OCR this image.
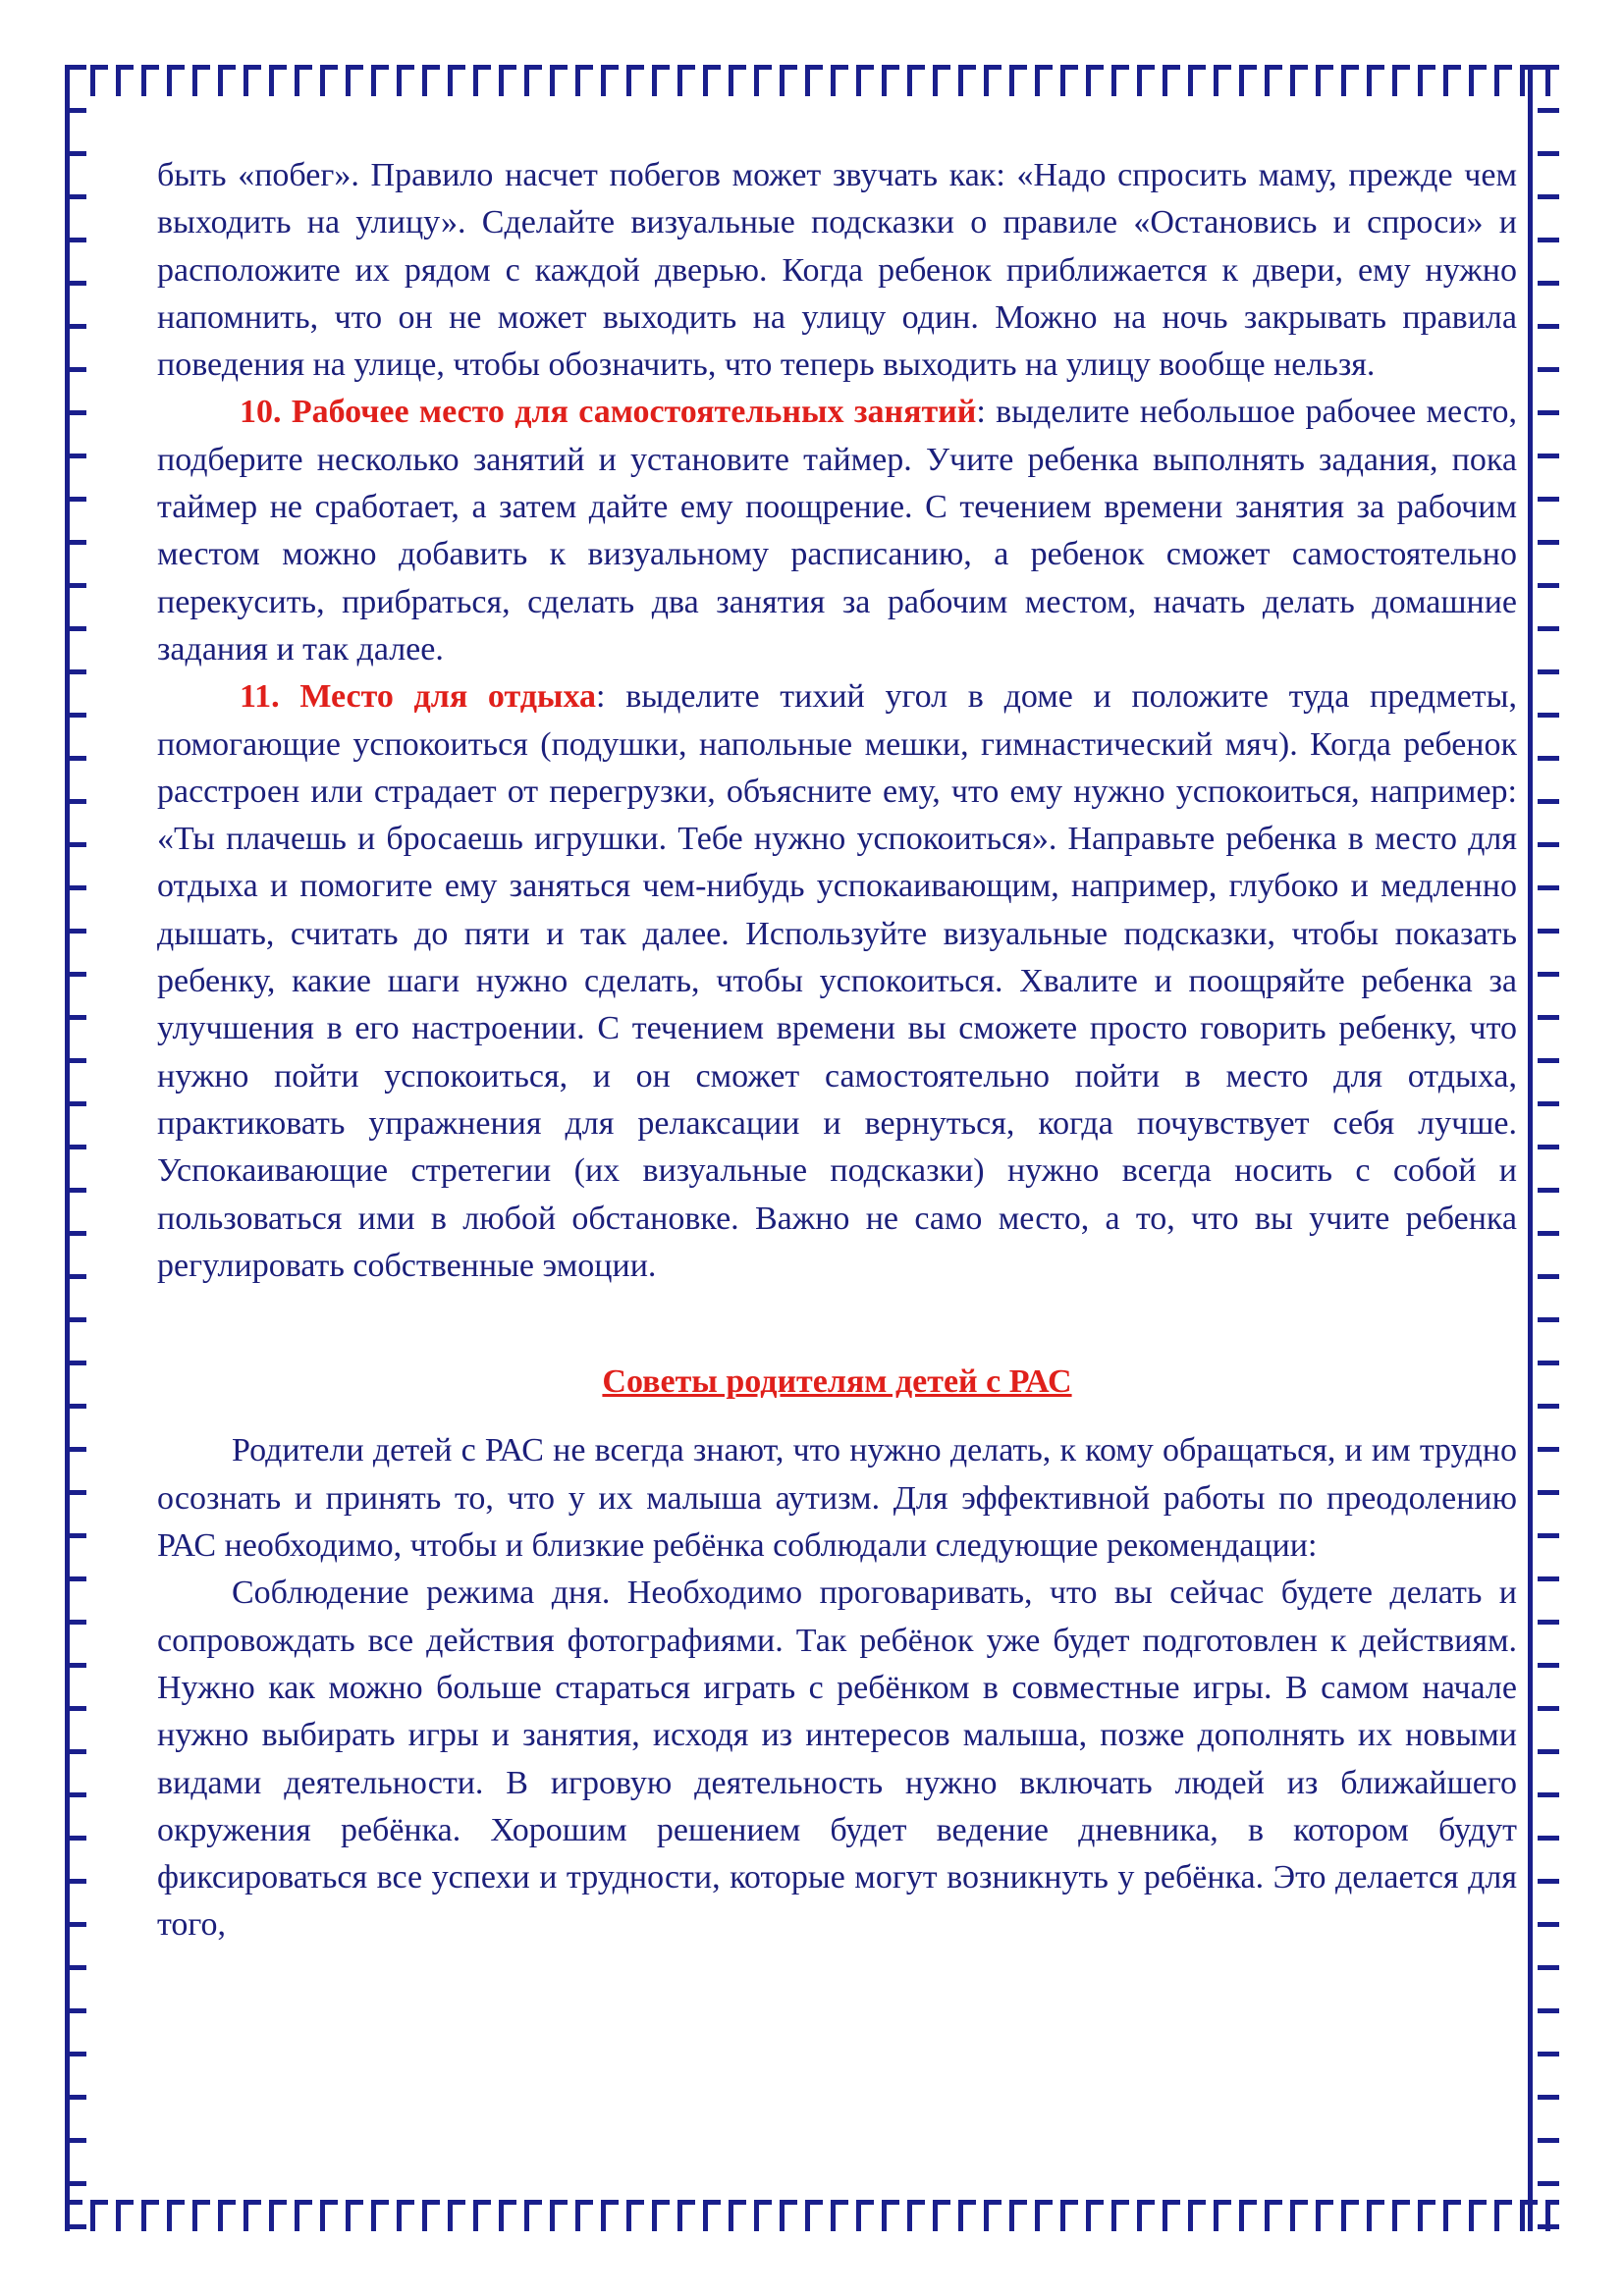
быть «побег». Правило насчет побегов может звучать как: «Надо спросить маму, прежде чем выходить на улицу». Сделайте визуальные подсказки о правиле «Остановись и спроси» и расположите их рядом с каждой дверью. Когда ребенок приближается к двери, ему нужно напомнить, что он не может выходить на улицу один. Можно на ночь закрывать правила поведения на улице, чтобы обозначить, что теперь выходить на улицу вообще нельзя.

10. Рабочее место для самостоятельных занятий: выделите небольшое рабочее место, подберите несколько занятий и установите таймер. Учите ребенка выполнять задания, пока таймер не сработает, а затем дайте ему поощрение. С течением времени занятия за рабочим местом можно добавить к визуальному расписанию, а ребенок сможет самостоятельно перекусить, прибраться, сделать два занятия за рабочим местом, начать делать домашние задания и так далее.

11. Место для отдыха: выделите тихий угол в доме и положите туда предметы, помогающие успокоиться (подушки, напольные мешки, гимнастический мяч). Когда ребенок расстроен или страдает от перегрузки, объясните ему, что ему нужно успокоиться, например: «Ты плачешь и бросаешь игрушки. Тебе нужно успокоиться». Направьте ребенка в место для отдыха и помогите ему заняться чем-нибудь успокаивающим, например, глубоко и медленно дышать, считать до пяти и так далее. Используйте визуальные подсказки, чтобы показать ребенку, какие шаги нужно сделать, чтобы успокоиться. Хвалите и поощряйте ребенка за улучшения в его настроении. С течением времени вы сможете просто говорить ребенку, что нужно пойти успокоиться, и он сможет самостоятельно пойти в место для отдыха, практиковать упражнения для релаксации и вернуться, когда почувствует себя лучше. Успокаивающие стретегии (их визуальные подсказки) нужно всегда носить с собой и пользоваться ими в любой обстановке. Важно не само место, а то, что вы учите ребенка регулировать собственные эмоции.

Советы родителям детей с РАС

Родители детей с РАС не всегда знают, что нужно делать, к кому обращаться, и им трудно осознать и принять то, что у их малыша аутизм. Для эффективной работы по преодолению РАС необходимо, чтобы и близкие ребёнка соблюдали следующие рекомендации:

Соблюдение режима дня. Необходимо проговаривать, что вы сейчас будете делать и сопровождать все действия фотографиями. Так ребёнок уже будет подготовлен к действиям. Нужно как можно больше стараться играть с ребёнком в совместные игры. В самом начале нужно выбирать игры и занятия, исходя из интересов малыша, позже дополнять их новыми видами деятельности. В игровую деятельность нужно включать людей из ближайшего окружения ребёнка. Хорошим решением будет ведение дневника, в котором будут фиксироваться все успехи и трудности, которые могут возникнуть у ребёнка. Это делается для того,
